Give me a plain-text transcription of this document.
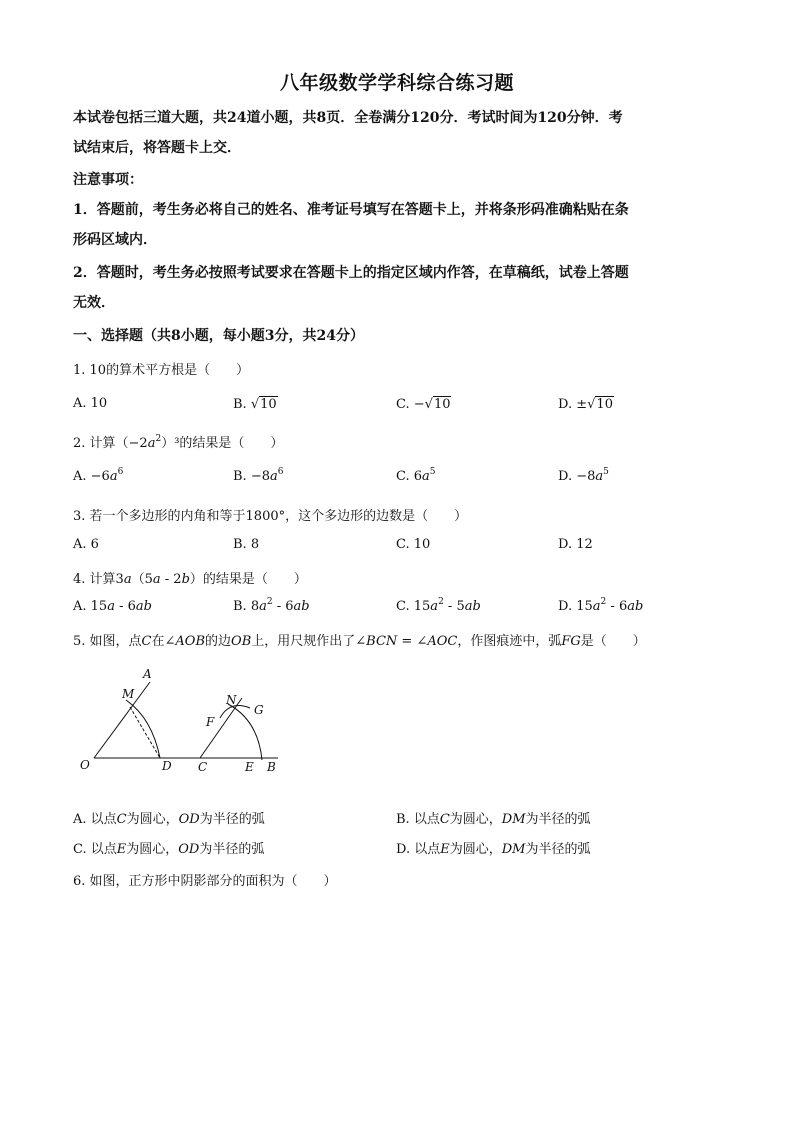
八年级数学学科综合练习题
本试卷包括三道大题，共24道小题，共8页．全卷满分120分．考试时间为120分钟．考
试结束后，将答题卡上交．
注意事项：
1．答题前，考生务必将自己的姓名、准考证号填写在答题卡上，并将条形码准确粘贴在条
形码区域内．
2．答题时，考生务必按照考试要求在答题卡上的指定区域内作答，在草稿纸，试卷上答题
无效．
一、选择题（共8小题，每小题3分，共24分）
1. 10的算术平方根是（　　）
A. 10	B. √10	C. −√10	D. ±√10
2. 计算$(-2a^2)^3$的结果是（　　）
A. $-6a^6$	B. $-8a^6$	C. $6a^5$	D. $-8a^5$
3. 若一个多边形的内角和等于1800°，这个多边形的边数是（　　）
A. 6	B. 8	C. 10	D. 12
4. 计算3a（5a - 2b）的结果是（　　）
A. 15a - 6ab	B. $8a^2 - 6ab$	C. $15a^2 - 5ab$	D. $15a^2 - 6ab$
5. 如图，点C在∠AOB的边OB上，用尺规作出了∠BCN = ∠AOC，作图痕迹中，弧FG是（　　）
A
M
O	D
N
G
F
C	E B
A. 以点C为圆心，OD为半径的弧	B. 以点C为圆心，DM为半径的弧
C. 以点E为圆心，OD为半径的弧	D. 以点E为圆心，DM为半径的弧
6. 如图，正方形中阴影部分的面积为（　　）
